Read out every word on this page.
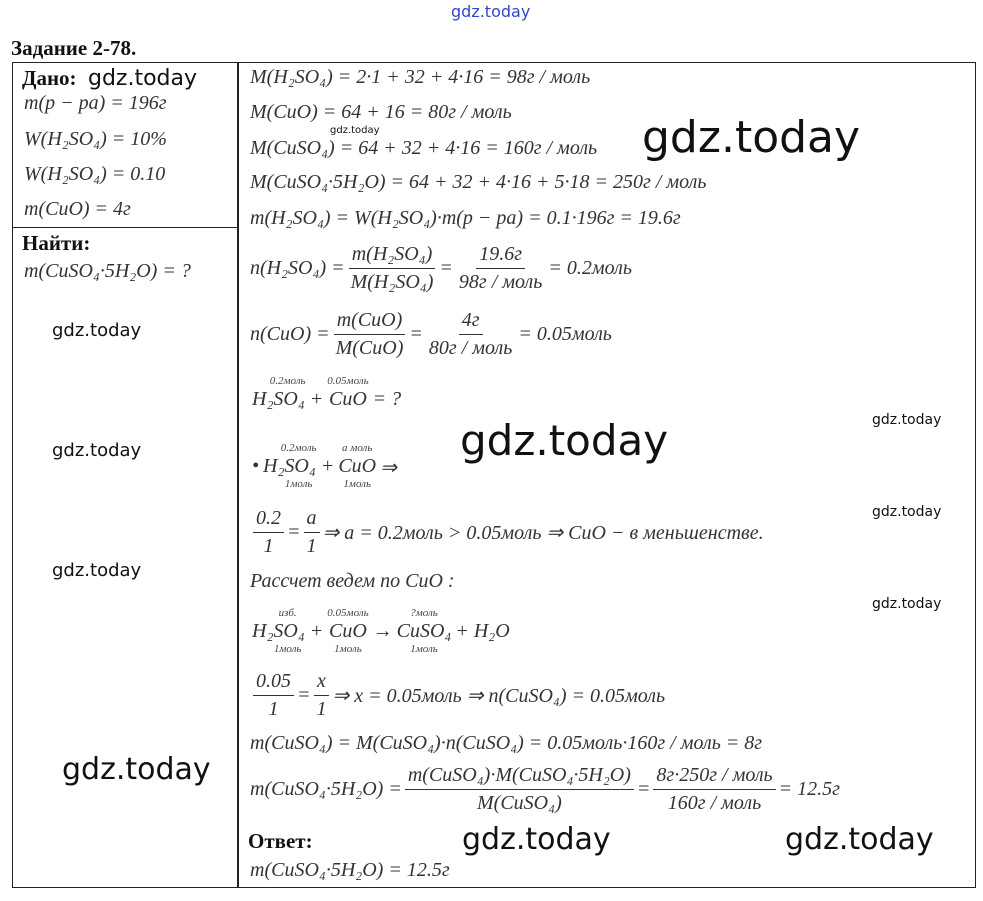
gdz.today
Задание 2-78.
Дано: gdz.today
m(р − ра) = 196г
W(H₂SO₄) = 10%
W(H₂SO₄) = 0.10
m(CuO) = 4г
Найти:
m(CuSO₄·5H₂O) = ?
gdz.today
gdz.today
gdz.today
M(H₂SO₄) = 2·1 + 32 + 4·16 = 98г / моль
M(CuO) = 64 + 16 = 80г / моль
M(CuSO₄) = 64 + 32 + 4·16 = 160г / моль
gdz.today	gdz.today
M(CuSO₄·5H₂O) = 64 + 32 + 4·16 + 5·18 = 250г / моль
m(H₂SO₄) = W(H₂SO₄)·m(р − ра) = 0.1·196г = 19.6г
$n(H_2SO_4) = \frac{\text{m(H₂SO₄)}}{\text{M(H₂SO₄)}} = \frac{19.6г}{\text{98г / моль}}$ = 0.2моль
$n(CuO) = \frac{\text{m(CuO)}}{\text{M(CuO)}} = \frac{4г}{\text{80г / моль}}$ = 0.05моль
0.2моль
H₂SO₄ +
0.05моль
CuO = ?
gdz.today
gdz.today
•
0.2моль
H₂SO₄ +
1моль
a моль
CuO
1моль
⇒
gdz.today
$\frac{0.2}{1} = \frac{a}{1}$ ⇒ a = 0.2моль > 0.05моль ⇒ CuO − в меньшенстве.
Рассчет ведем по CuO :
gdz.today
изб.
H₂SO₄ +
1моль
0.05моль
CuO
1моль
→
?моль
CuSO₄
1моль
+ H₂O
$\frac{0.05}{1} = \frac{x}{1}$ ⇒ x = 0.05моль ⇒ n(CuSO₄) = 0.05моль
m(CuSO₄) = M(CuSO₄)·n(CuSO₄) = 0.05моль·160г / моль = 8г
gdz.today
m(CuSO₄·5H₂O) = $\frac{\text{m(CuSO₄)·M(CuSO₄·5H₂O)}}{\text{M(CuSO₄)}} = \frac{\text{8г·250г / моль}}{\text{160г / моль}} = 12.5г$
Ответ:	gdz.today	gdz.today
m(CuSO₄·5H₂O) = 12.5г
